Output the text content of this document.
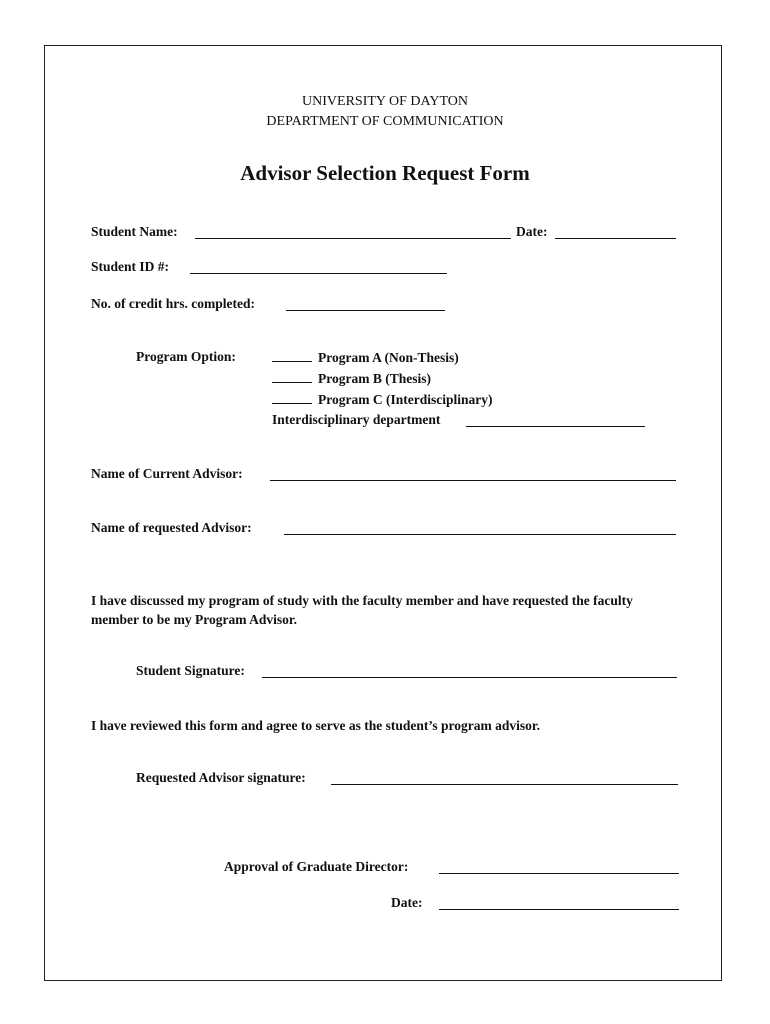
UNIVERSITY OF DAYTON
DEPARTMENT OF COMMUNICATION
Advisor Selection Request Form
Student Name:	Date:
Student ID #:
No. of credit hrs. completed:
Program Option:	Program A (Non-Thesis)
Program B (Thesis)
Program C (Interdisciplinary)
Interdisciplinary department
Name of Current Advisor:
Name of requested Advisor:
I have discussed my program of study with the faculty member and have requested the faculty member to be my Program Advisor.
Student Signature:
I have reviewed this form and agree to serve as the student’s program advisor.
Requested Advisor signature:
Approval of Graduate Director:
Date:
